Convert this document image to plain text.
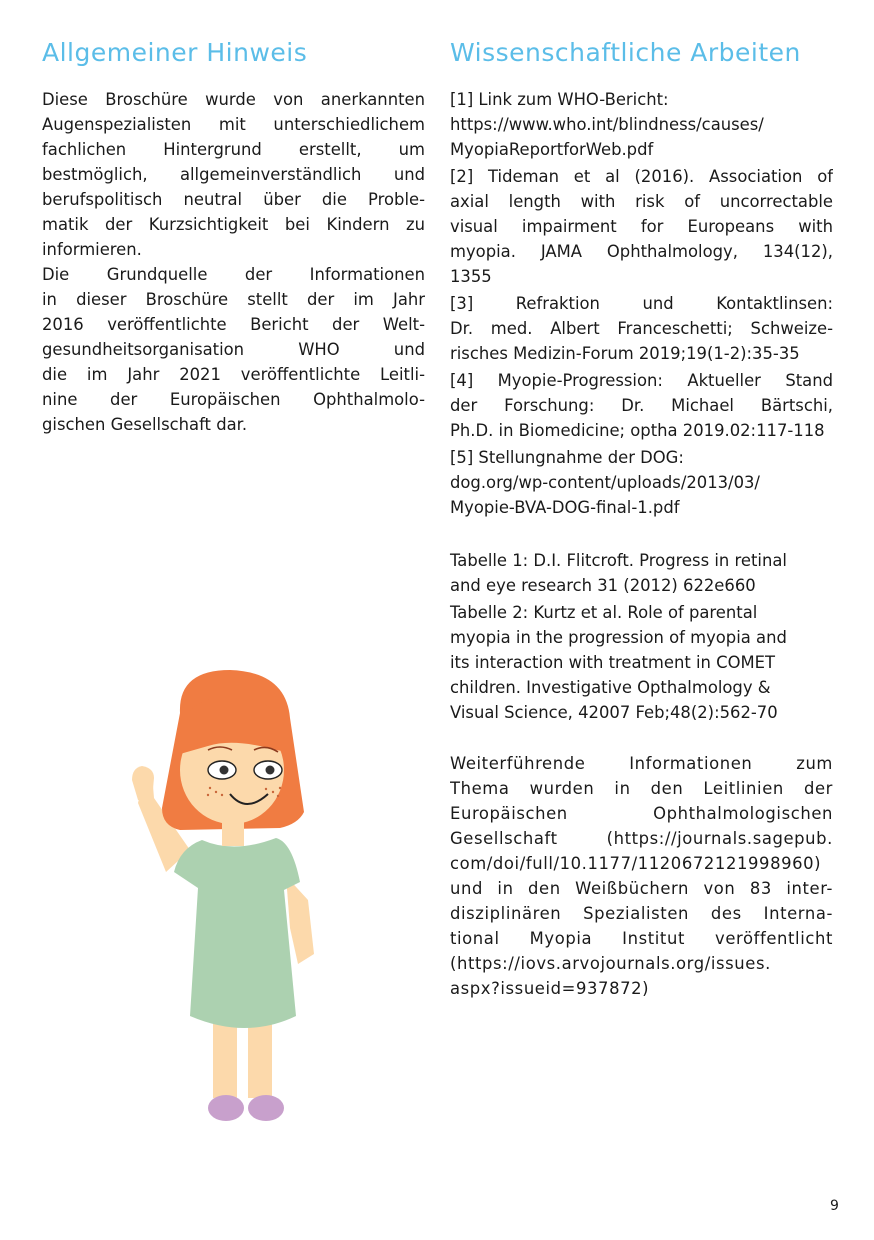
Allgemeiner Hinweis
Diese Broschüre wurde von anerkannten
Augenspezialisten mit unterschiedlichem
fachlichen Hintergrund erstellt, um
bestmöglich, allgemeinverständlich und
berufspolitisch neutral über die Proble-
matik der Kurzsichtigkeit bei Kindern zu
informieren.
Die Grundquelle der Informationen
in dieser Broschüre stellt der im Jahr
2016 veröffentlichte Bericht der Welt-
gesundheitsorganisation WHO und
die im Jahr 2021 veröffentlichte Leitli-
nine der Europäischen Ophthalmolo-
gischen Gesellschaft dar.
Wissenschaftliche Arbeiten
[1] Link zum WHO-Bericht:
https://www.who.int/blindness/causes/
MyopiaReportforWeb.pdf
[2] Tideman et al (2016). Association of
axial length with risk of uncorrectable
visual impairment for Europeans with
myopia. JAMA Ophthalmology, 134(12),
1355
[3] Refraktion und Kontaktlinsen:
Dr. med. Albert Franceschetti; Schweize-
risches Medizin-Forum 2019;19(1-2):35-35
[4] Myopie-Progression: Aktueller Stand
der Forschung: Dr. Michael Bärtschi,
Ph.D. in Biomedicine; optha 2019.02:117-118
[5] Stellungnahme der DOG:
dog.org/wp-content/uploads/2013/03/
Myopie-BVA-DOG-final-1.pdf
Tabelle 1: D.I. Flitcroft. Progress in retinal
and eye research 31 (2012) 622e660
Tabelle 2: Kurtz et al. Role of parental
myopia in the progression of myopia and
its interaction with treatment in COMET
children. Investigative Opthalmology &
Visual Science, 42007 Feb;48(2):562-70
Weiterführende Informationen zum
Thema wurden in den Leitlinien der
Europäischen Ophthalmologischen
Gesellschaft (https://journals.sagepub.
com/doi/full/10.1177/1120672121998960)
und in den Weißbüchern von 83 inter-
disziplinären Spezialisten des Interna-
tional Myopia Institut veröffentlicht
(https://iovs.arvojournals.org/issues.
aspx?issueid=937872)
9
